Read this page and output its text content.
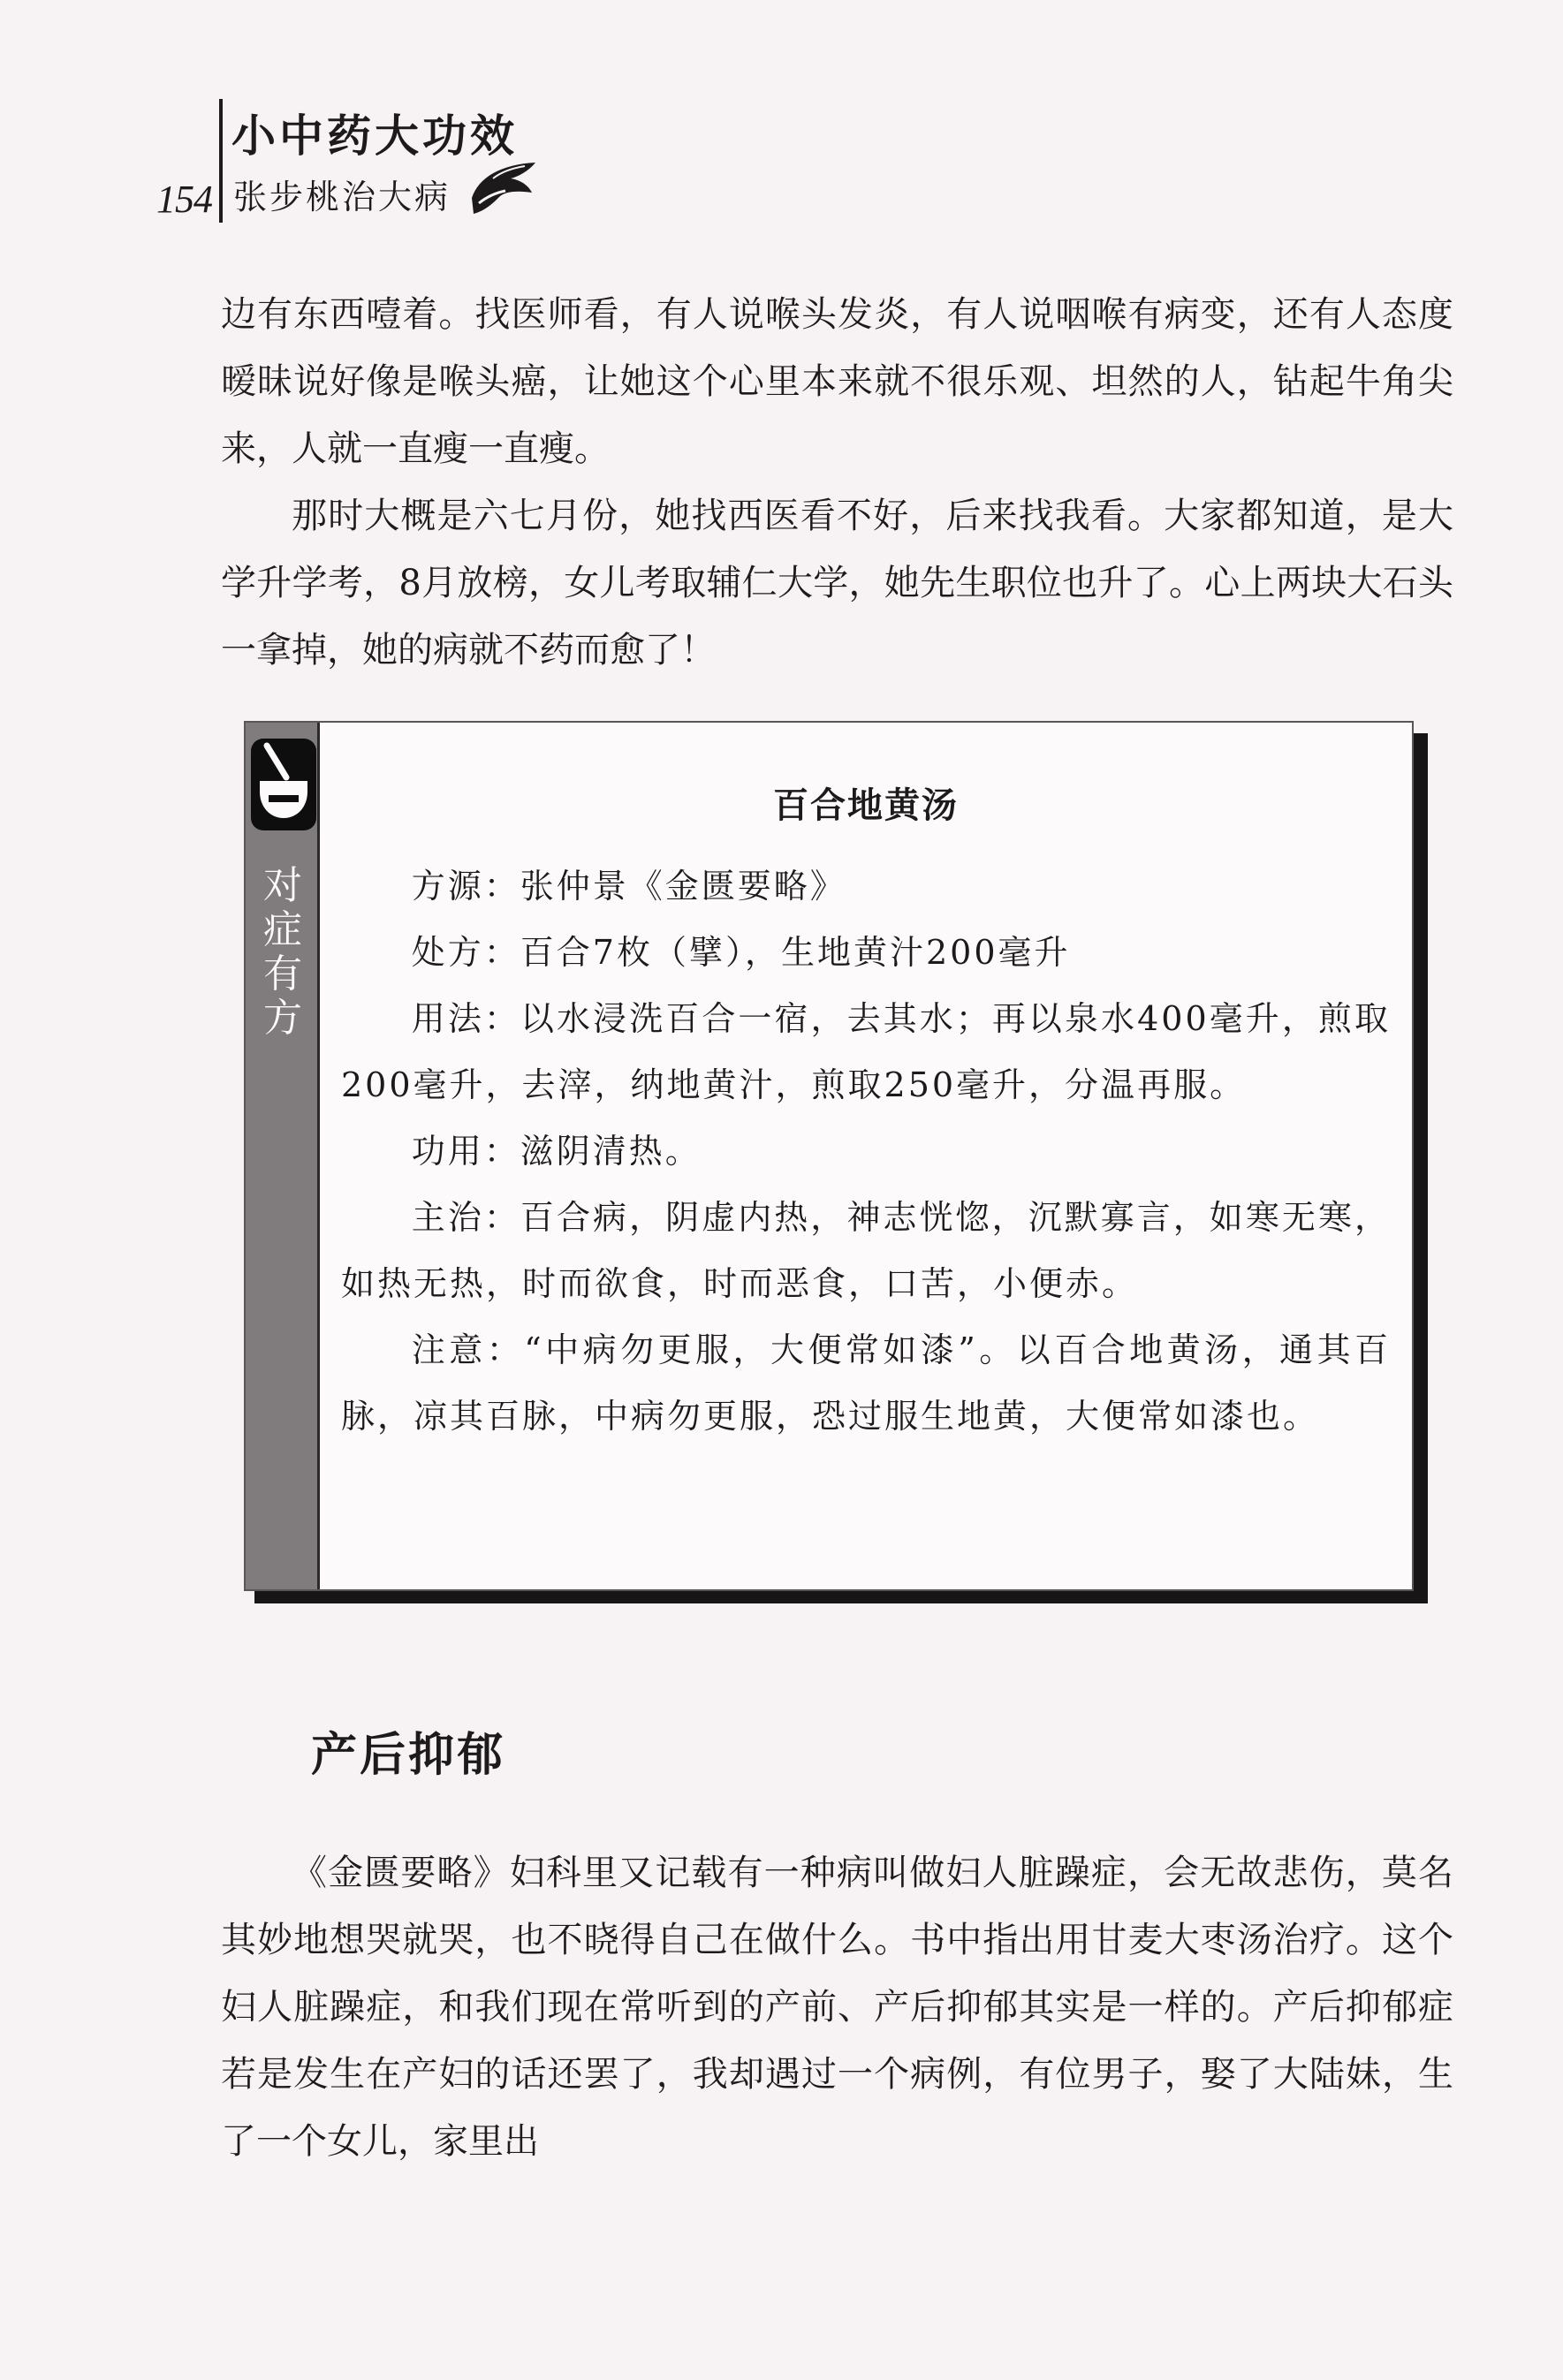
154
小中药大功效
张步桃治大病

边有东西噎着。找医师看，有人说喉头发炎，有人说咽喉有病变，还有人态度暧昧说好像是喉头癌，让她这个心里本来就不很乐观、坦然的人，钻起牛角尖来，人就一直瘦一直瘦。

那时大概是六七月份，她找西医看不好，后来找我看。大家都知道，是大学升学考，8月放榜，女儿考取辅仁大学，她先生职位也升了。心上两块大石头一拿掉，她的病就不药而愈了！

对症有方
百合地黄汤

方源：张仲景《金匮要略》

处方：百合7枚（擘），生地黄汁200毫升

用法：以水浸洗百合一宿，去其水；再以泉水400毫升，煎取200毫升，去滓，纳地黄汁，煎取250毫升，分温再服。

功用：滋阴清热。

主治：百合病，阴虚内热，神志恍惚，沉默寡言，如寒无寒，如热无热，时而欲食，时而恶食，口苦，小便赤。

注意：“中病勿更服，大便常如漆”。以百合地黄汤，通其百脉，凉其百脉，中病勿更服，恐过服生地黄，大便常如漆也。

产后抑郁

《金匮要略》妇科里又记载有一种病叫做妇人脏躁症，会无故悲伤，莫名其妙地想哭就哭，也不晓得自己在做什么。书中指出用甘麦大枣汤治疗。这个妇人脏躁症，和我们现在常听到的产前、产后抑郁其实是一样的。产后抑郁症若是发生在产妇的话还罢了，我却遇过一个病例，有位男子，娶了大陆妹，生了一个女儿，家里出
